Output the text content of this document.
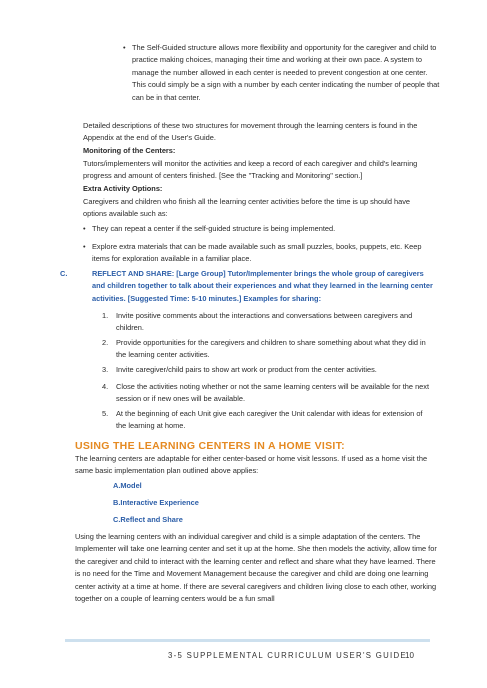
• The Self-Guided structure allows more flexibility and opportunity for the caregiver and child to practice making choices, managing their time and working at their own pace. A system to manage the number allowed in each center is needed to prevent congestion at one center. This could simply be a sign with a number by each center indicating the number of people that can be in that center.

Detailed descriptions of these two structures for movement through the learning centers is found in the Appendix at the end of the User's Guide.

Monitoring of the Centers:

Tutors/implementers will monitor the activities and keep a record of each caregiver and child's learning progress and amount of centers finished. [See the "Tracking and Monitoring" section.]

Extra Activity Options:

Caregivers and children who finish all the learning center activities before the time is up should have options available such as:

• They can repeat a center if the self-guided structure is being implemented.

• Explore extra materials that can be made available such as small puzzles, books, puppets, etc. Keep items for exploration available in a familiar place.

C.	REFLECT AND SHARE: [Large Group] Tutor/Implementer brings the whole group of caregivers and children together to talk about their experiences and what they learned in the learning center activities. [Suggested Time: 5-10 minutes.] Examples for sharing:

1. Invite positive comments about the interactions and conversations between caregivers and children.

2. Provide opportunities for the caregivers and children to share something about what they did in the learning center activities.

3. Invite caregiver/child pairs to show art work or product from the center activities.

4. Close the activities noting whether or not the same learning centers will be available for the next session or if new ones will be available.

5. At the beginning of each Unit give each caregiver the Unit calendar with ideas for extension of the learning at home.

USING THE LEARNING CENTERS IN A HOME VISIT:

The learning centers are adaptable for either center-based or home visit lessons. If used as a home visit the same basic implementation plan outlined above applies:

A.Model

B.Interactive Experience

C.Reflect and Share

Using the learning centers with an individual caregiver and child is a simple adaptation of the centers. The Implementer will take one learning center and set it up at the home. She then models the activity, allow time for the caregiver and child to interact with the learning center and reflect and share what they have learned. There is no need for the Time and Movement Management because the caregiver and child are doing one learning center activity at a time at home. If there are several caregivers and children living close to each other, working together on a couple of learning centers would be a fun small

3-5 SUPPLEMENTAL CURRICULUM USER'S GUIDE
10
